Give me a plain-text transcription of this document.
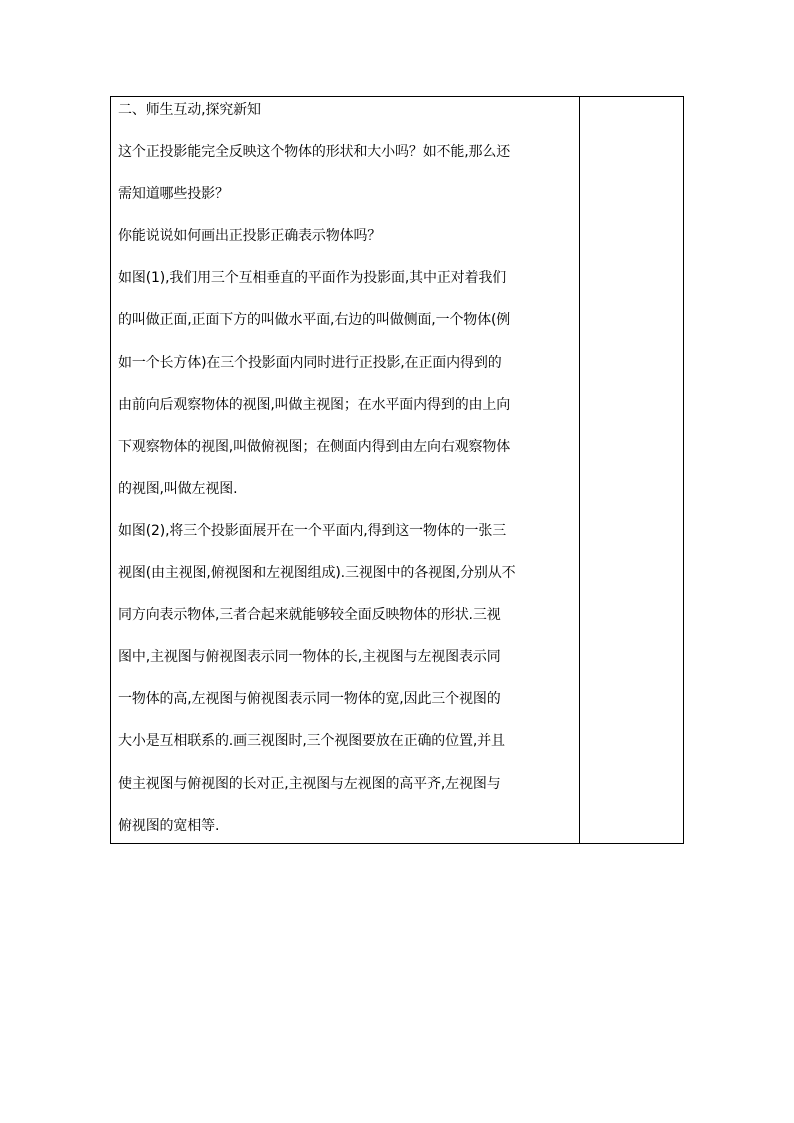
二、师生互动,探究新知
这个正投影能完全反映这个物体的形状和大小吗？如不能,那么还
需知道哪些投影？
你能说说如何画出正投影正确表示物体吗？
如图(1),我们用三个互相垂直的平面作为投影面,其中正对着我们
的叫做正面,正面下方的叫做水平面,右边的叫做侧面,一个物体(例
如一个长方体)在三个投影面内同时进行正投影,在正面内得到的
由前向后观察物体的视图,叫做主视图；在水平面内得到的由上向
下观察物体的视图,叫做俯视图；在侧面内得到由左向右观察物体
的视图,叫做左视图.
如图(2),将三个投影面展开在一个平面内,得到这一物体的一张三
视图(由主视图,俯视图和左视图组成).三视图中的各视图,分别从不
同方向表示物体,三者合起来就能够较全面反映物体的形状.三视
图中,主视图与俯视图表示同一物体的长,主视图与左视图表示同
一物体的高,左视图与俯视图表示同一物体的宽,因此三个视图的
大小是互相联系的.画三视图时,三个视图要放在正确的位置,并且
使主视图与俯视图的长对正,主视图与左视图的高平齐,左视图与
俯视图的宽相等.
